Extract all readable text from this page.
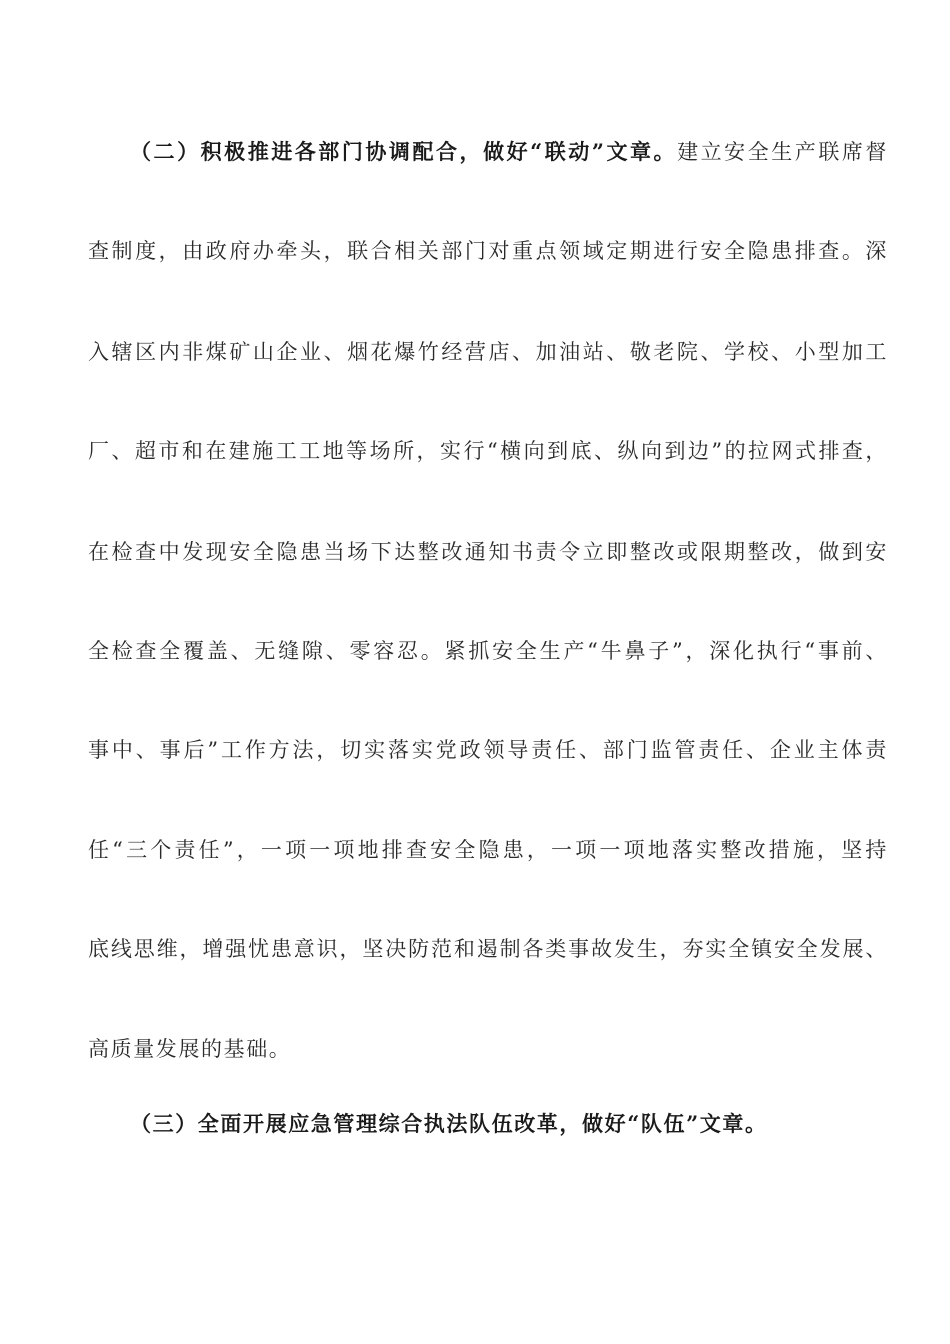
（二）积极推进各部门协调配合，做好“联动”文章。建立安全生产联席督
查制度，由政府办牵头，联合相关部门对重点领域定期进行安全隐患排查。深
入辖区内非煤矿山企业、烟花爆竹经营店、加油站、敬老院、学校、小型加工
厂、超市和在建施工工地等场所，实行“横向到底、纵向到边”的拉网式排查，
在检查中发现安全隐患当场下达整改通知书责令立即整改或限期整改，做到安
全检查全覆盖、无缝隙、零容忍。紧抓安全生产“牛鼻子”，深化执行“事前、
事中、事后”工作方法，切实落实党政领导责任、部门监管责任、企业主体责
任“三个责任”，一项一项地排查安全隐患，一项一项地落实整改措施，坚持
底线思维，增强忧患意识，坚决防范和遏制各类事故发生，夯实全镇安全发展、
高质量发展的基础。
（三）全面开展应急管理综合执法队伍改革，做好“队伍”文章。
